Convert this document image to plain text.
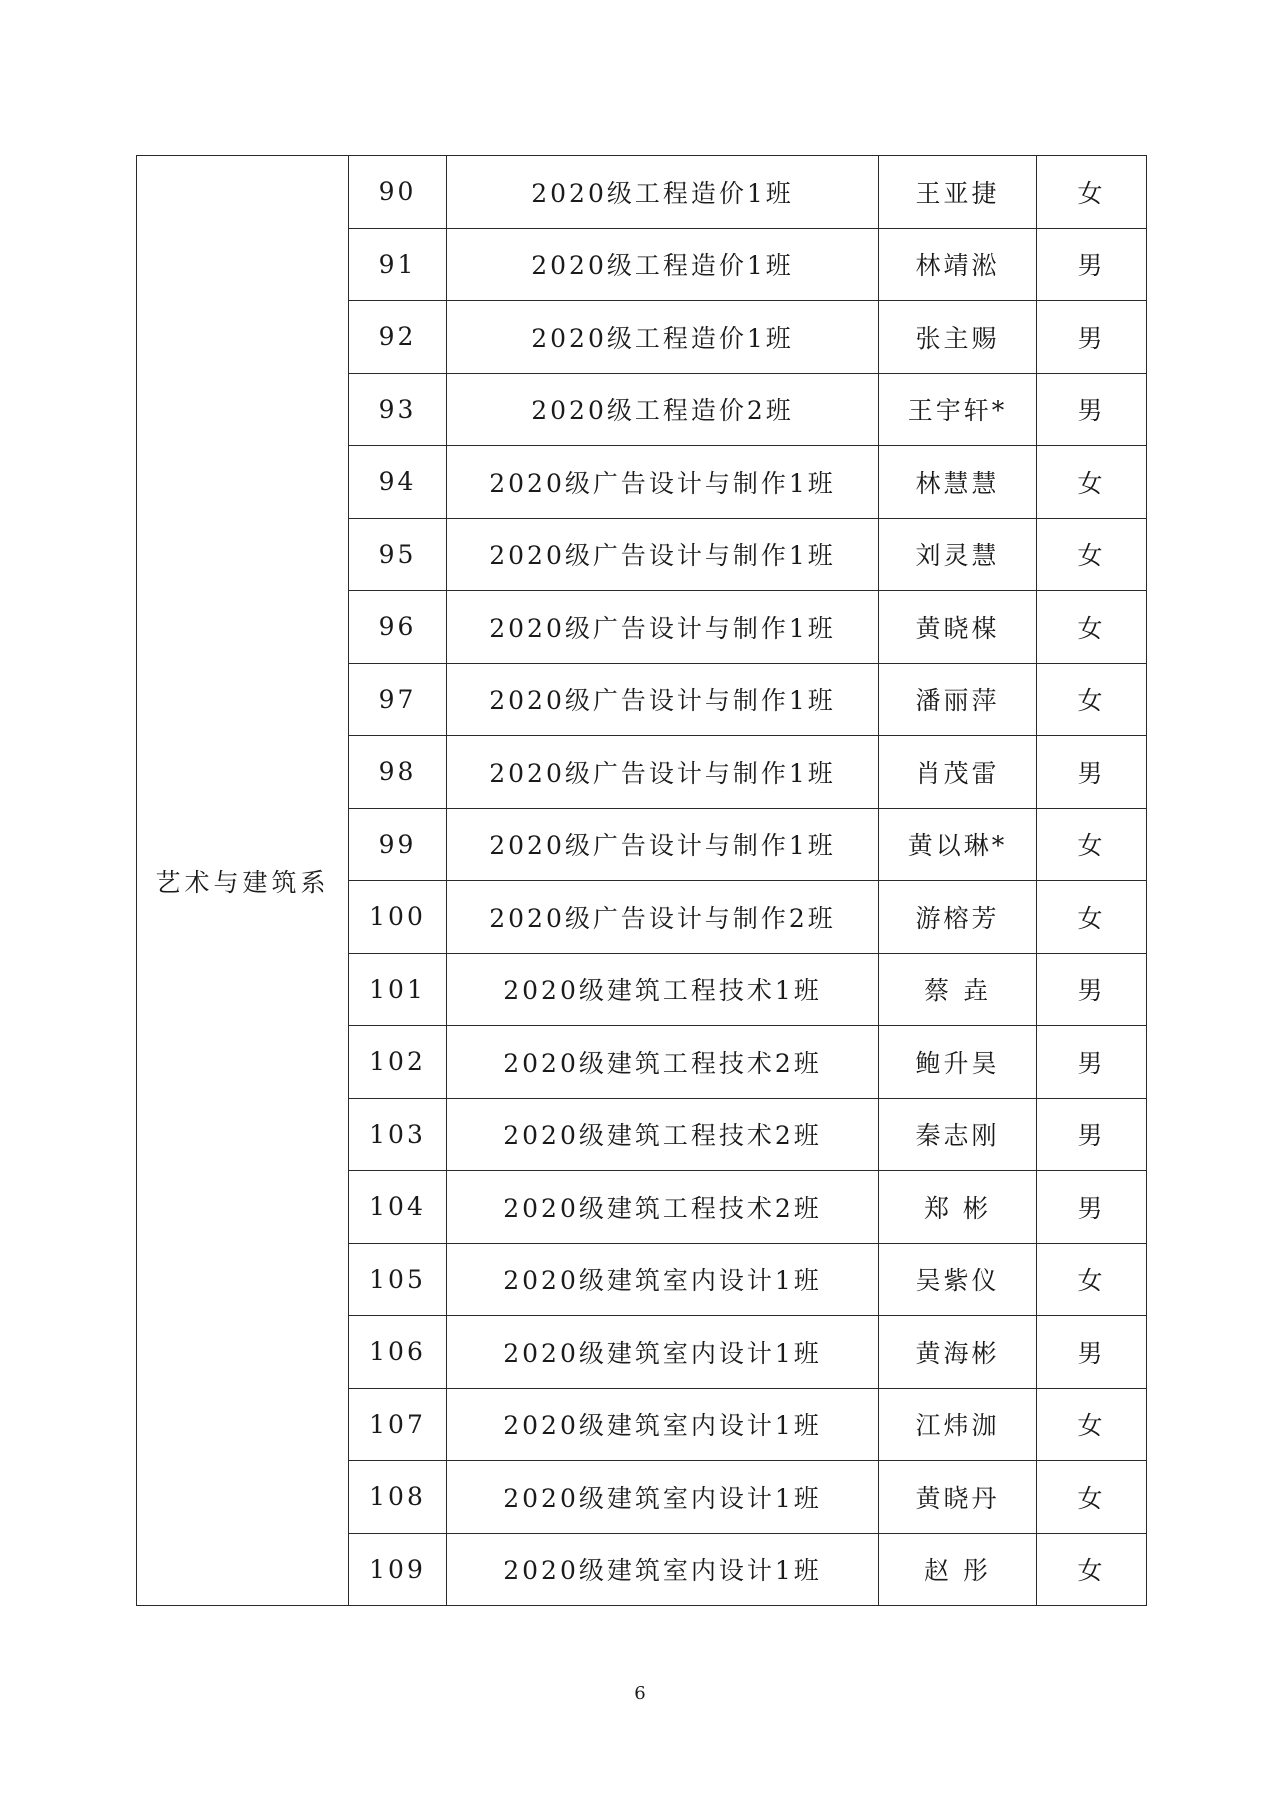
艺术与建筑系	90	2020级工程造价1班	王亚捷	女
	91	2020级工程造价1班	林靖淞	男
	92	2020级工程造价1班	张主赐	男
	93	2020级工程造价2班	王宇轩*	男
	94	2020级广告设计与制作1班	林慧慧	女
	95	2020级广告设计与制作1班	刘灵慧	女
	96	2020级广告设计与制作1班	黄晓楳	女
	97	2020级广告设计与制作1班	潘丽萍	女
	98	2020级广告设计与制作1班	肖茂雷	男
	99	2020级广告设计与制作1班	黄以琳*	女
	100	2020级广告设计与制作2班	游榕芳	女
	101	2020级建筑工程技术1班	蔡 垚	男
	102	2020级建筑工程技术2班	鲍升昊	男
	103	2020级建筑工程技术2班	秦志刚	男
	104	2020级建筑工程技术2班	郑 彬	男
	105	2020级建筑室内设计1班	吴紫仪	女
	106	2020级建筑室内设计1班	黄海彬	男
	107	2020级建筑室内设计1班	江炜泇	女
	108	2020级建筑室内设计1班	黄晓丹	女
	109	2020级建筑室内设计1班	赵 彤	女
6
